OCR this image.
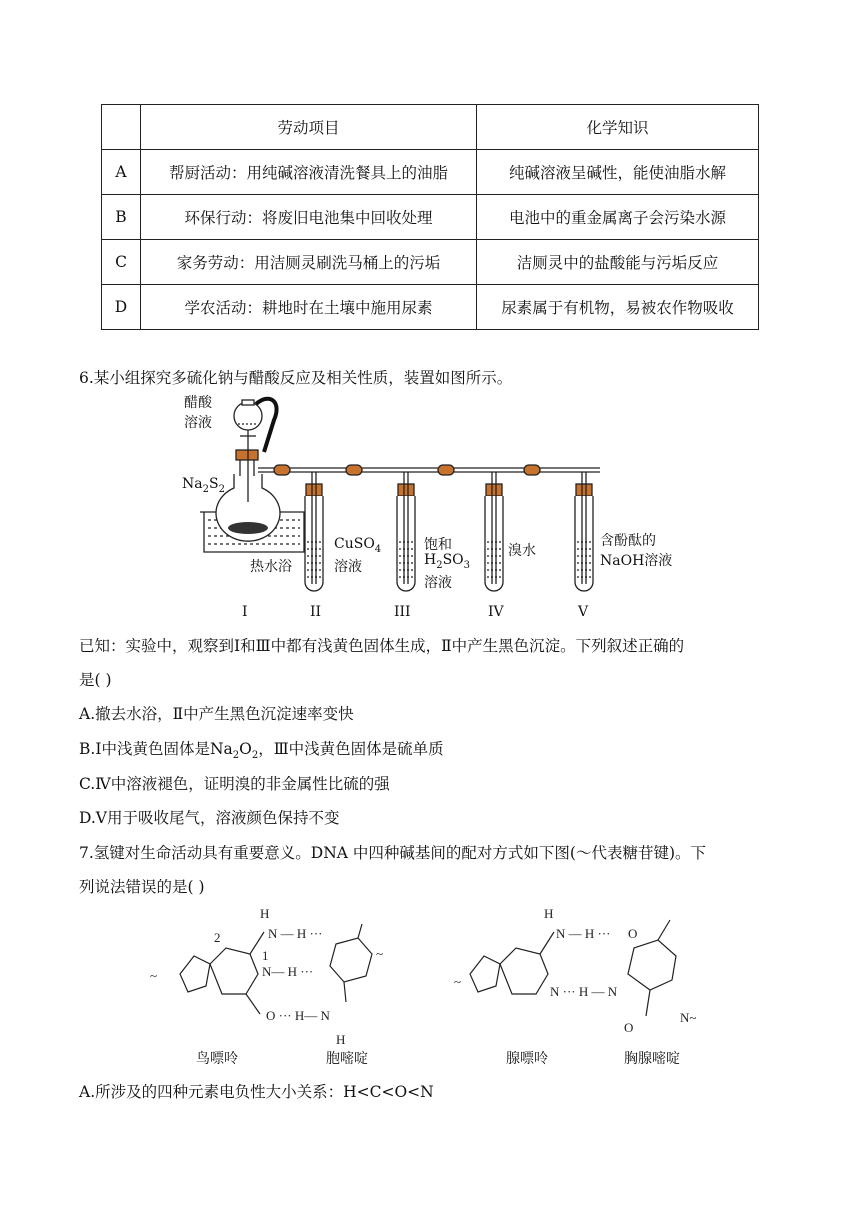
	劳动项目	化学知识
A	帮厨活动：用纯碱溶液清洗餐具上的油脂	纯碱溶液呈碱性，能使油脂水解
B	环保行动：将废旧电池集中回收处理	电池中的重金属离子会污染水源
C	家务劳动：用洁厕灵刷洗马桶上的污垢	洁厕灵中的盐酸能与污垢反应
D	学农活动：耕地时在土壤中施用尿素	尿素属于有机物，易被农作物吸收
6.某小组探究多硫化钠与醋酸反应及相关性质，装置如图所示。
醋酸
溶液
$Na_2S_2$
热水浴
CuSO$_4$
溶液
饱和
$H_2SO_3$
溶液
溴水
含酚酞的
NaOH溶液
I	II	III	IV	V
已知：实验中，观察到Ⅰ和Ⅲ中都有浅黄色固体生成，Ⅱ中产生黑色沉淀。下列叙述正确的
是( )
A.撤去水浴，Ⅱ中产生黑色沉淀速率变快
B.Ⅰ中浅黄色固体是$Na_2O_2$，Ⅲ中浅黄色固体是硫单质
C.Ⅳ中溶液褪色，证明溴的非金属性比硫的强
D.Ⅴ用于吸收尾气，溶液颜色保持不变
7.氢键对生命活动具有重要意义。DNA 中四种碱基间的配对方式如下图(～代表糖苷键)。下
列说法错误的是( )
N — H ···
N— H ···
O ··· H— N
H
2
1
H
~
~
H
N — H ···
N ··· H — N
~
O
O
N~
鸟嘌呤	胞嘧啶	腺嘌呤	胸腺嘧啶
A.所涉及的四种元素电负性大小关系：H<C<O<N
